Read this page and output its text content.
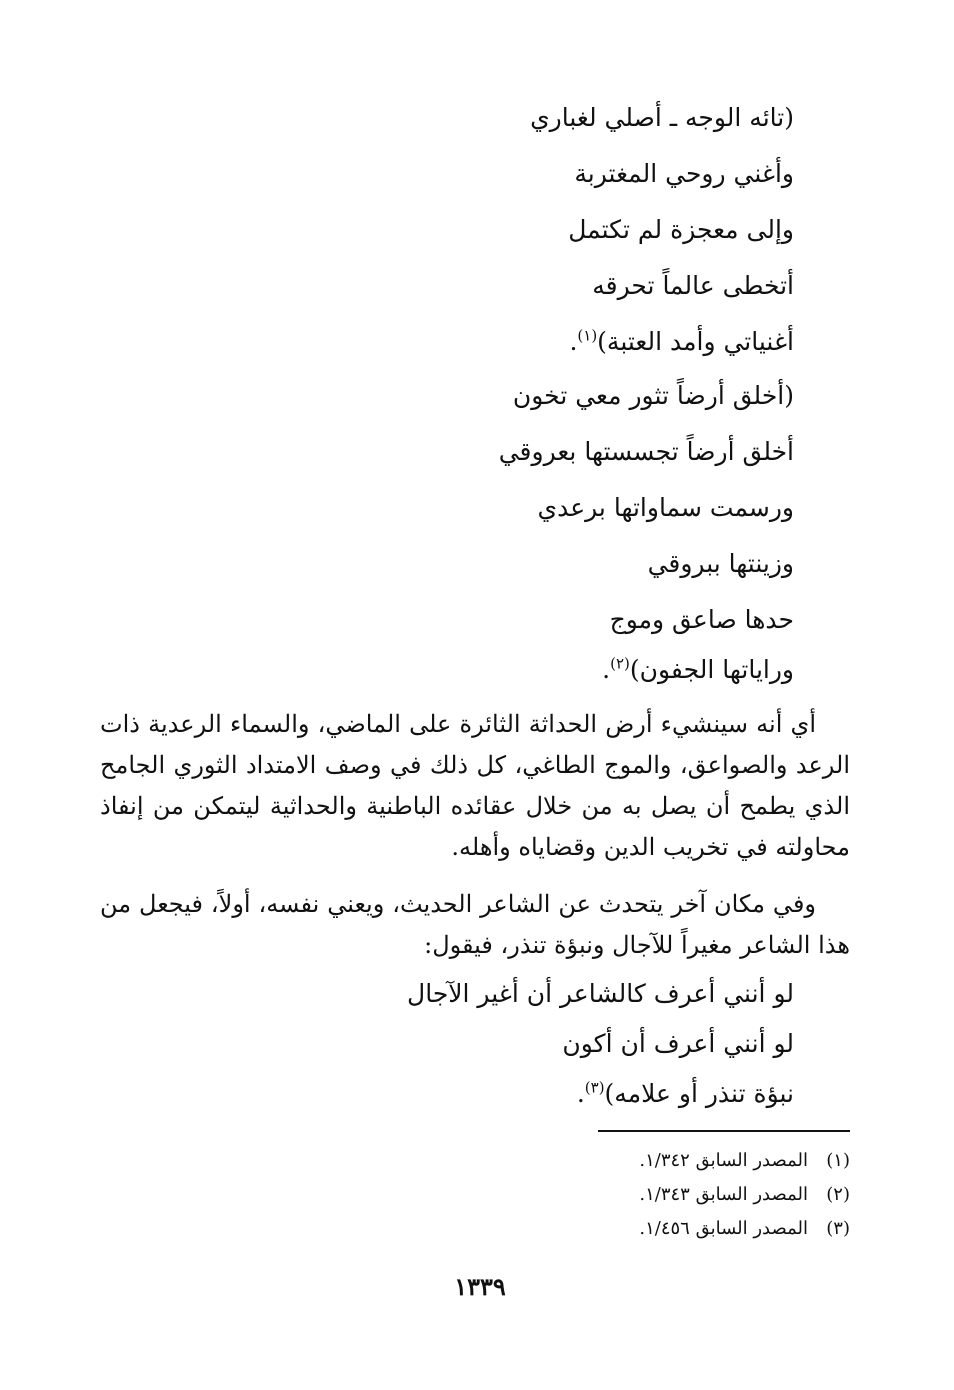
(تائه الوجه ـ أصلي لغباري
وأغني روحي المغتربة
وإلى معجزة لم تكتمل
أتخطى عالماً تحرقه
أغنياتي وأمد العتبة)$^{(١)}$.
(أخلق أرضاً تثور معي تخون
أخلق أرضاً تجسستها بعروقي
ورسمت سماواتها برعدي
وزينتها ببروقي
حدها صاعق وموج
وراياتها الجفون)$^{(٢)}$.

أي أنه سينشيء أرض الحداثة الثائرة على الماضي، والسماء الرعدية ذات الرعد والصواعق، والموج الطاغي، كل ذلك في وصف الامتداد الثوري الجامح الذي يطمح أن يصل به من خلال عقائده الباطنية والحداثية ليتمكن من إنفاذ محاولته في تخريب الدين وقضاياه وأهله.

وفي مكان آخر يتحدث عن الشاعر الحديث، ويعني نفسه، أولاً، فيجعل من هذا الشاعر مغيراً للآجال ونبؤة تنذر، فيقول:

لو أنني أعرف كالشاعر أن أغير الآجال
لو أنني أعرف أن أكون
نبؤة تنذر أو علامه)$^{(٣)}$.
(١)المصدر السابق ١/٣٤٢.
(٢)المصدر السابق ١/٣٤٣.
(٣)المصدر السابق ١/٤٥٦.
١٣٣٩
